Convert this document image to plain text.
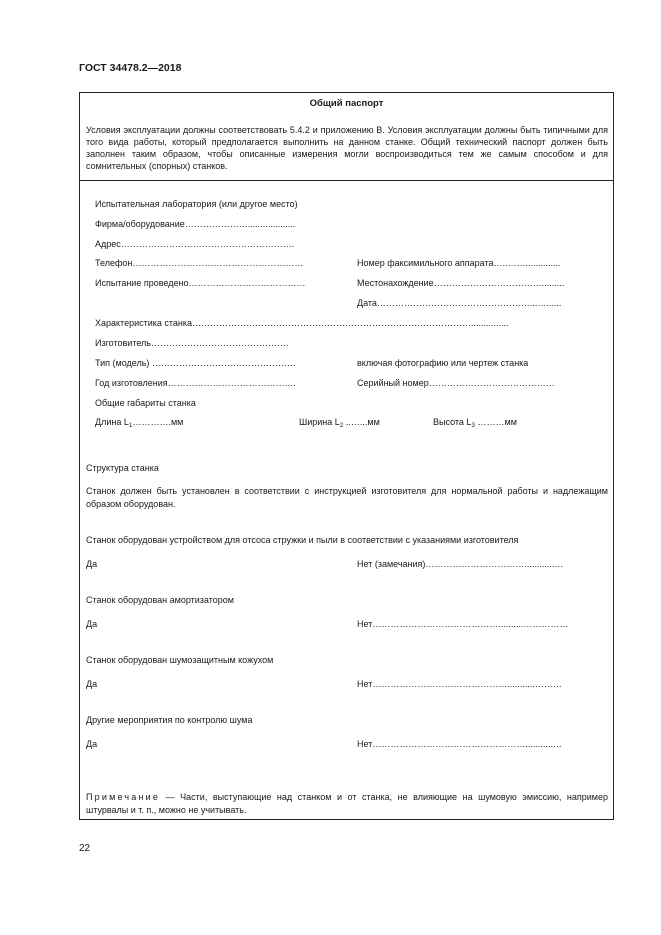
ГОСТ 34478.2—2018
Общий паспорт
Условия эксплуатации должны соответствовать 5.4.2 и приложению В. Условия эксплуатации должны быть типичными для того вида работы, который предполагается выполнить на данном станке. Общий технический паспорт должен быть заполнен таким образом, чтобы описанные измерения могли воспроизводиться тем же самым способом и для сомнительных (спорных) станков.
Испытательная лаборатория (или другое место)
Фирма/оборудование…………………...................
Адрес………………………………………………….
Телефон…………………………………………………	Номер факсимильного аппарата…..……..............
Испытание проведено…………………………………	Местонахождение……………………………….........
Дата……………………………………………...…......
Характеристика станка…………………………………………………………………………………...............
Изготовитель……………………………………….
Тип (модель) …………………………………………	включая фотографию или чертеж станка
Год изготовления………………………………….…	Серийный номер……………………………………
Общие габариты станка
Длина $L_1\dots\dots\dots\dots.мм$	Ширина $L_2$ ..…...мм	Высота $L_3$ ………мм
Структура станка
Станок должен быть установлен в соответствии с инструкцией изготовителя для нормальной работы и надлежащим образом оборудован.
Станок оборудован устройством для отсоса стружки и пыли в соответствии с указаниями изготовителя
Да	Нет (замечания)……………………………............…
Станок оборудован амортизатором
Да	Нет……………………………………..........……………
Станок оборудован шумозащитным кожухом
Да	Нет………………………………………...........………
Другие мероприятия по контролю шума
Да	Нет……………………………………………...........…
Примечание — Части, выступающие над станком и от станка, не влияющие на шумовую эмиссию, например штурвалы и т. п., можно не учитывать.
22
